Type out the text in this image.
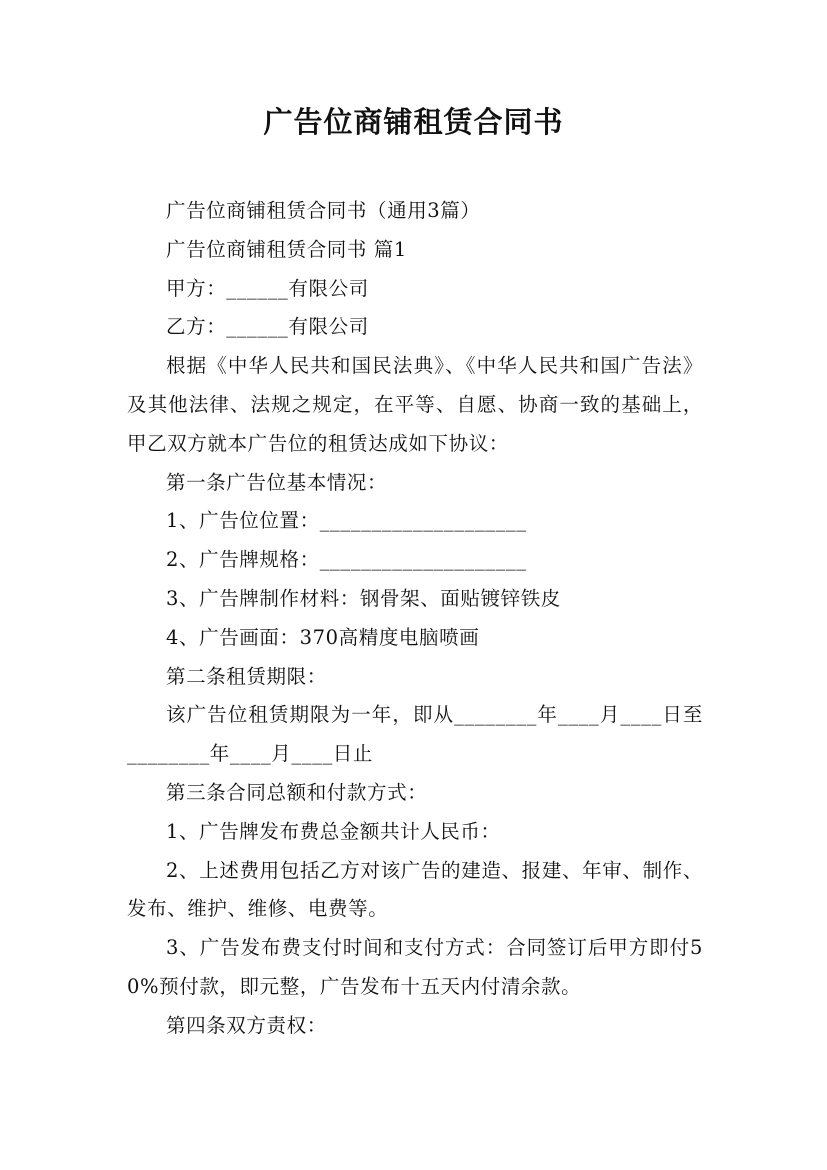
广告位商铺租赁合同书

广告位商铺租赁合同书（通用3篇）

广告位商铺租赁合同书 篇1

甲方：______有限公司

乙方：______有限公司

根据《中华人民共和国民法典》、《中华人民共和国广告法》及其他法律、法规之规定，在平等、自愿、协商一致的基础上，甲乙双方就本广告位的租赁达成如下协议：

第一条广告位基本情况：

1、广告位位置：____________________

2、广告牌规格：____________________

3、广告牌制作材料：钢骨架、面贴镀锌铁皮

4、广告画面：370高精度电脑喷画

第二条租赁期限：

该广告位租赁期限为一年，即从________年____月____日至________年____月____日止

第三条合同总额和付款方式：

1、广告牌发布费总金额共计人民币：

2、上述费用包括乙方对该广告的建造、报建、年审、制作、发布、维护、维修、电费等。

3、广告发布费支付时间和支付方式：合同签订后甲方即付50%预付款，即元整，广告发布十五天内付清余款。

第四条双方责权：
